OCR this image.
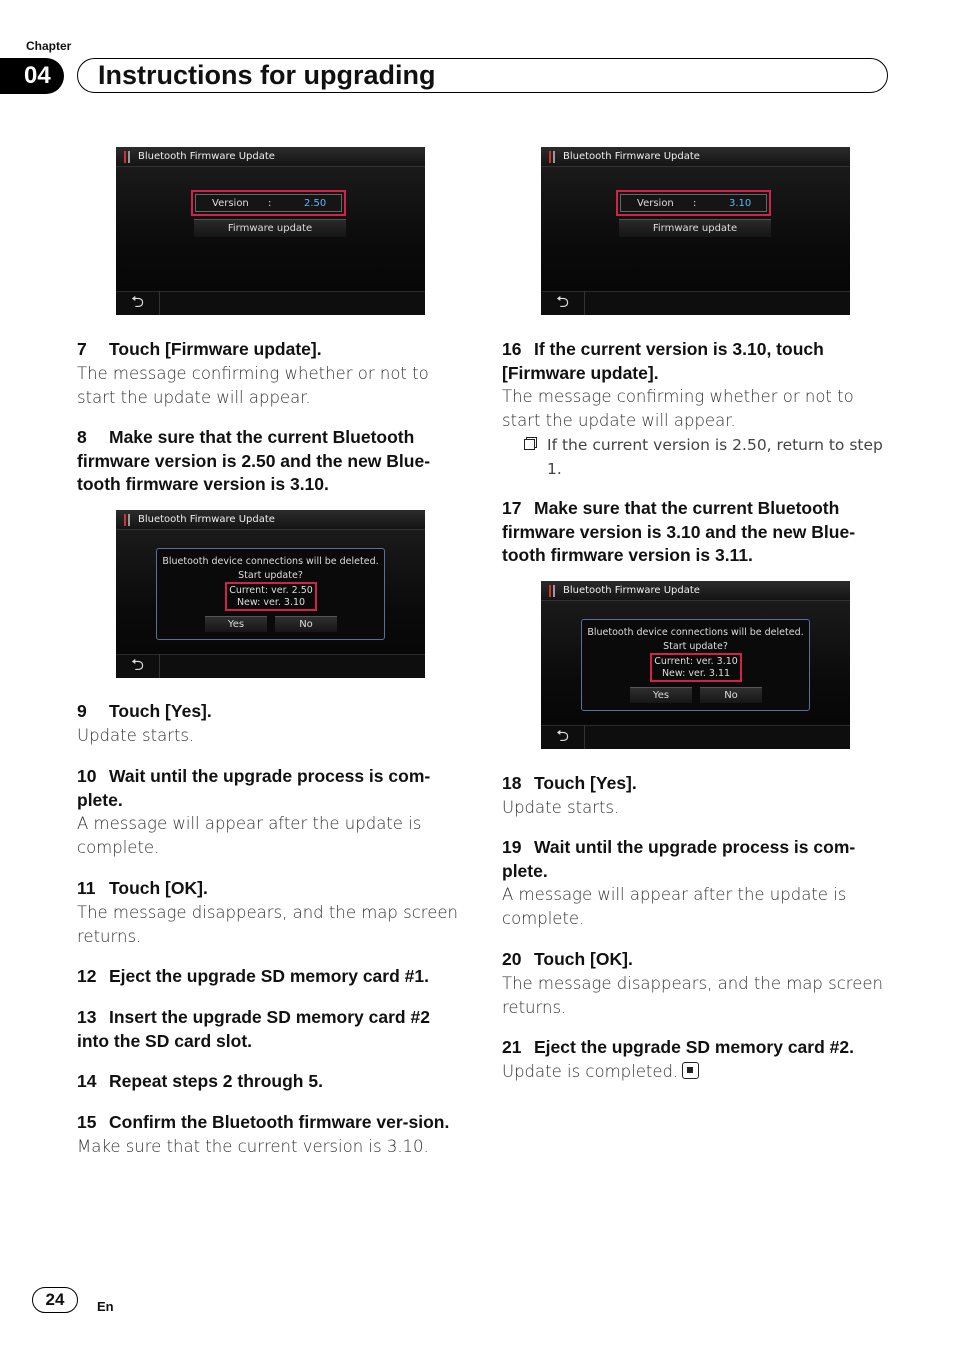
Chapter
04	Instructions for upgrading
Bluetooth Firmware Update
Version :	2.50
Firmware update
⮌
7 Touch [Firmware update].
The message confirming whether or not to start the update will appear.
8 Make sure that the current Bluetooth firmware version is 2.50 and the new Blue-tooth firmware version is 3.10.
Bluetooth Firmware Update
Bluetooth device connections will be deleted.
Start update?
Current: ver. 2.50
New: ver. 3.10
Yes	No
⮌
9 Touch [Yes].
Update starts.
10 Wait until the upgrade process is com-plete.
A message will appear after the update is complete.
11 Touch [OK].
The message disappears, and the map screen returns.
12 Eject the upgrade SD memory card #1.
13 Insert the upgrade SD memory card #2 into the SD card slot.
14 Repeat steps 2 through 5.
15 Confirm the Bluetooth firmware ver-sion.
Make sure that the current version is 3.10.
Bluetooth Firmware Update
Version :	3.10
Firmware update
⮌
16 If the current version is 3.10, touch [Firmware update].
The message confirming whether or not to start the update will appear.
If the current version is 2.50, return to step 1.
17 Make sure that the current Bluetooth firmware version is 3.10 and the new Blue-tooth firmware version is 3.11.
Bluetooth Firmware Update
Bluetooth device connections will be deleted.
Start update?
Current: ver. 3.10
New: ver. 3.11
Yes	No
⮌
18 Touch [Yes].
Update starts.
19 Wait until the upgrade process is com-plete.
A message will appear after the update is complete.
20 Touch [OK].
The message disappears, and the map screen returns.
21 Eject the upgrade SD memory card #2.
Update is completed.
24	En
